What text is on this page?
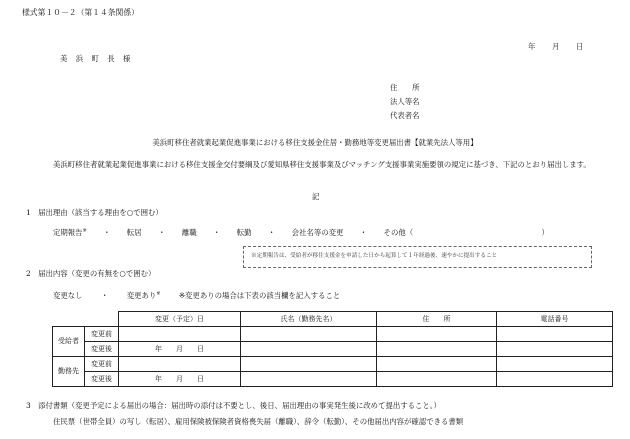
様式第１０－２（第１４条関係）
年 月 日
美 浜 町 長 様
住　　所
法人等名
代表者名
美浜町移住者就業起業促進事業における移住支援金住居・勤務地等変更届出書【就業先法人等用】
美浜町移住者就業起業促進事業における移住支援金交付要綱及び愛知県移住支援事業及びマッチング支援事業実施要領の規定に基づき、下記のとおり届出します。
記
1　届出理由（該当する理由を○で囲む）
定期報告※ ・ 転居 ・ 離職 ・ 転勤 ・ 会社名等の変更 ・ その他（	）
※定期報告は、受給者が移住支援金を申請した日から起算して１年経過後、速やかに提出すること
2　届出内容（変更の有無を○で囲む）
変更なし ・ 変更あり※ ※変更ありの場合は下表の該当欄を記入すること
		変更（予定）日	氏名（勤務先名）	住　　所	電話番号
受給者	変更前				
	変更後	年　　月　　日			
勤務先	変更前				
	変更後	年　　月　　日			
3　添付書類（変更予定による届出の場合：届出時の添付は不要とし、後日、届出理由の事実発生後に改めて提出すること。）
住民票（世帯全員）の写し（転居）、雇用保険被保険者資格喪失届（離職）、辞令（転勤）、その他届出内容が確認できる書類
